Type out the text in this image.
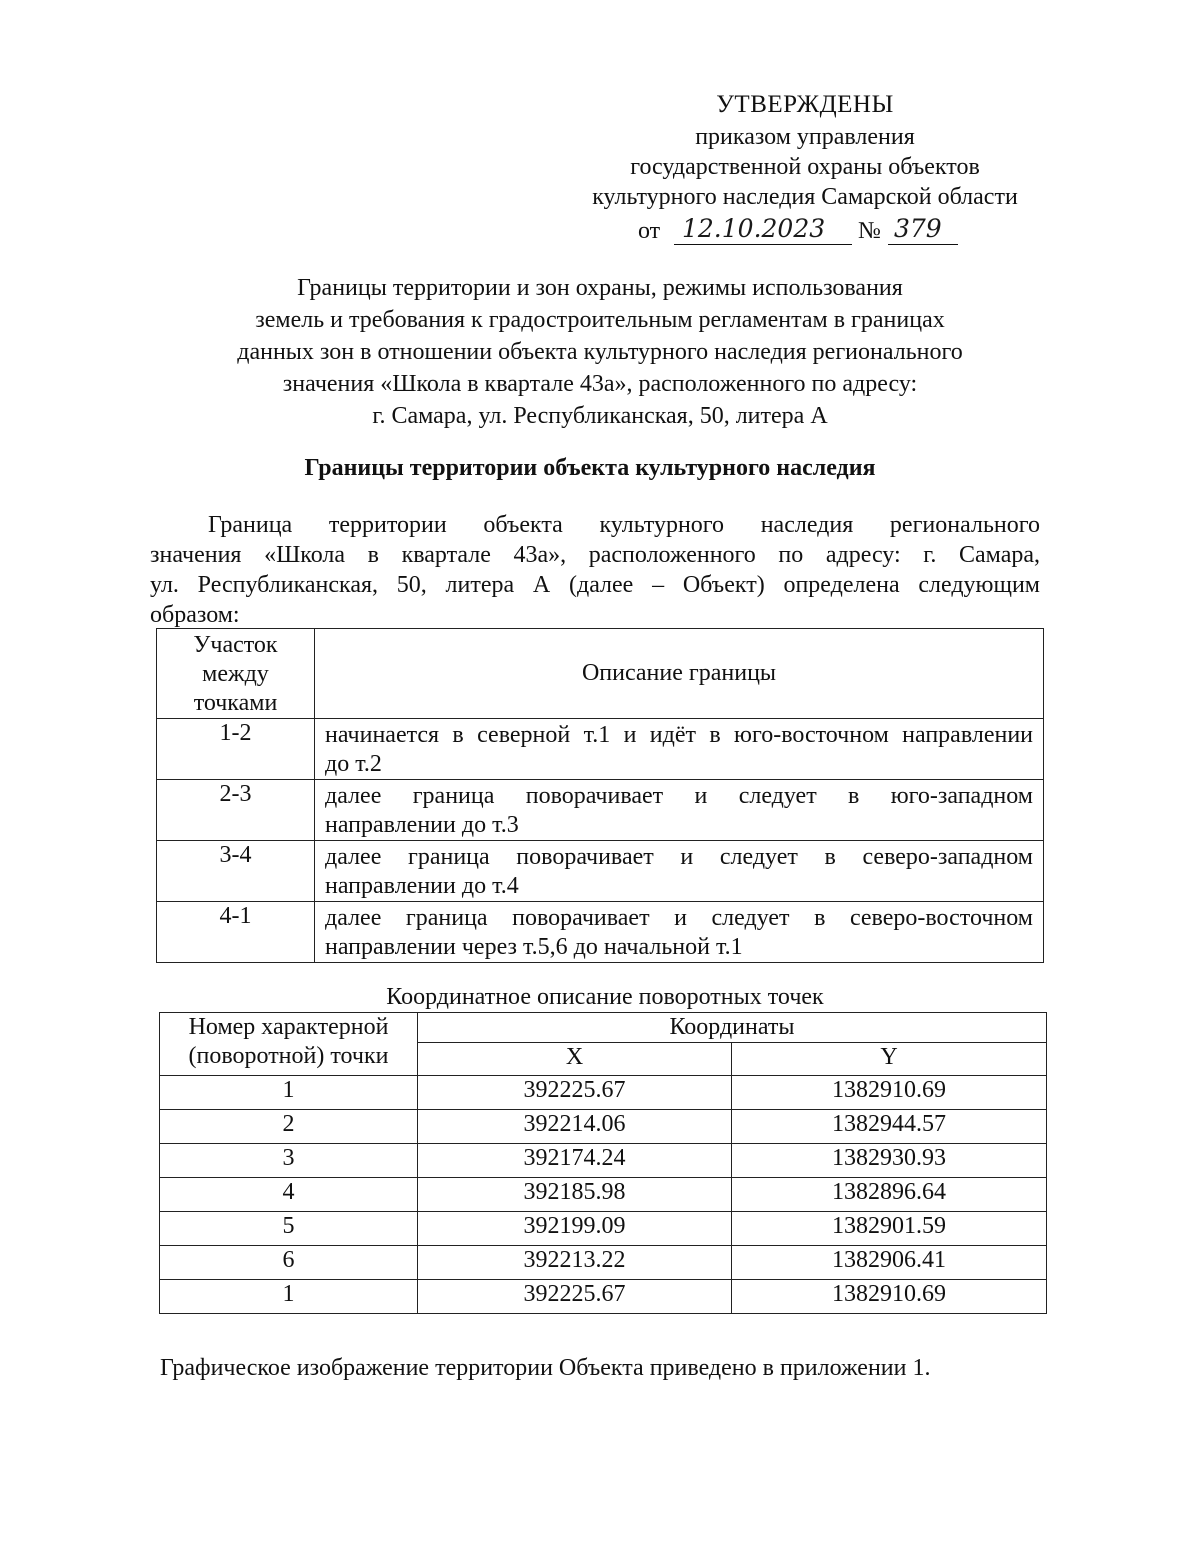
УТВЕРЖДЕНЫ
приказом управления
государственной охраны объектов
культурного наследия Самарской области
от 12.10.2023 № 379
Границы территории и зон охраны, режимы использования
земель и требования к градостроительным регламентам в границах
данных зон в отношении объекта культурного наследия регионального
значения «Школа в квартале 43а», расположенного по адресу:
г. Самара, ул. Республиканская, 50, литера А
Границы территории объекта культурного наследия
Граница территории объекта культурного наследия регионального
значения «Школа в квартале 43а», расположенного по адресу: г. Самара,
ул. Республиканская, 50, литера А (далее – Объект) определена следующим
образом:
Участок
между
точками	Описание границы
1-2	начинается в северной т.1 и идёт в юго-восточном направлении
до т.2
2-3	далее граница поворачивает и следует в юго-западном
направлении до т.3
3-4	далее граница поворачивает и следует в северо-западном
направлении до т.4
4-1	далее граница поворачивает и следует в северо-восточном
направлении через т.5,6 до начальной т.1
Координатное описание поворотных точек
Номер характерной
(поворотной) точки	Координаты	
	X	Y
1	392225.67	1382910.69
2	392214.06	1382944.57
3	392174.24	1382930.93
4	392185.98	1382896.64
5	392199.09	1382901.59
6	392213.22	1382906.41
1	392225.67	1382910.69
Графическое изображение территории Объекта приведено в приложении 1.
